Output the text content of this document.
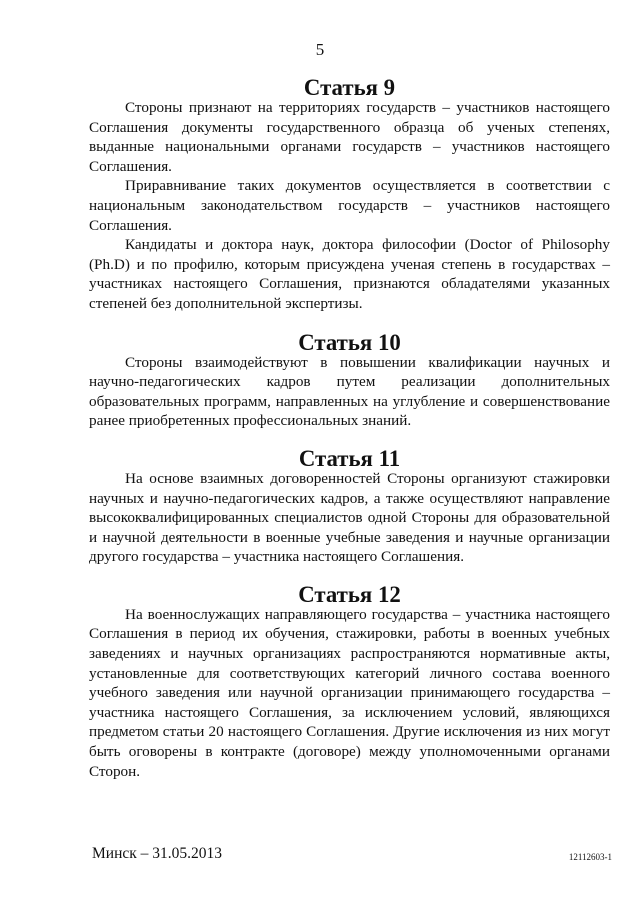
5
Статья 9

Стороны признают на территориях государств – участников настоящего Соглашения документы государственного образца об ученых степенях, выданные национальными органами государств – участников настоящего Соглашения.

Приравнивание таких документов осуществляется в соответствии с национальным законодательством государств – участников настоящего Соглашения.

Кандидаты и доктора наук, доктора философии (Doctor of Philosophy (Ph.D) и по профилю, которым присуждена ученая степень в государствах – участниках настоящего Соглашения, признаются обладателями указанных степеней без дополнительной экспертизы.

Статья 10

Стороны взаимодействуют в повышении квалификации научных и научно-педагогических кадров путем реализации дополнительных образовательных программ, направленных на углубление и совершенствование ранее приобретенных профессиональных знаний.

Статья 11

На основе взаимных договоренностей Стороны организуют стажировки научных и научно-педагогических кадров, а также осуществляют направление высококвалифицированных специалистов одной Стороны для образовательной и научной деятельности в военные учебные заведения и научные организации другого государства – участника настоящего Соглашения.

Статья 12

На военнослужащих направляющего государства – участника настоящего Соглашения в период их обучения, стажировки, работы в военных учебных заведениях и научных организациях распространяются нормативные акты, установленные для соответствующих категорий личного состава военного учебного заведения или научной организации принимающего государства – участника настоящего Соглашения, за исключением условий, являющихся предметом статьи 20 настоящего Соглашения. Другие исключения из них могут быть оговорены в контракте (договоре) между уполномоченными органами Сторон.

Минск – 31.05.2013	12112603-1
